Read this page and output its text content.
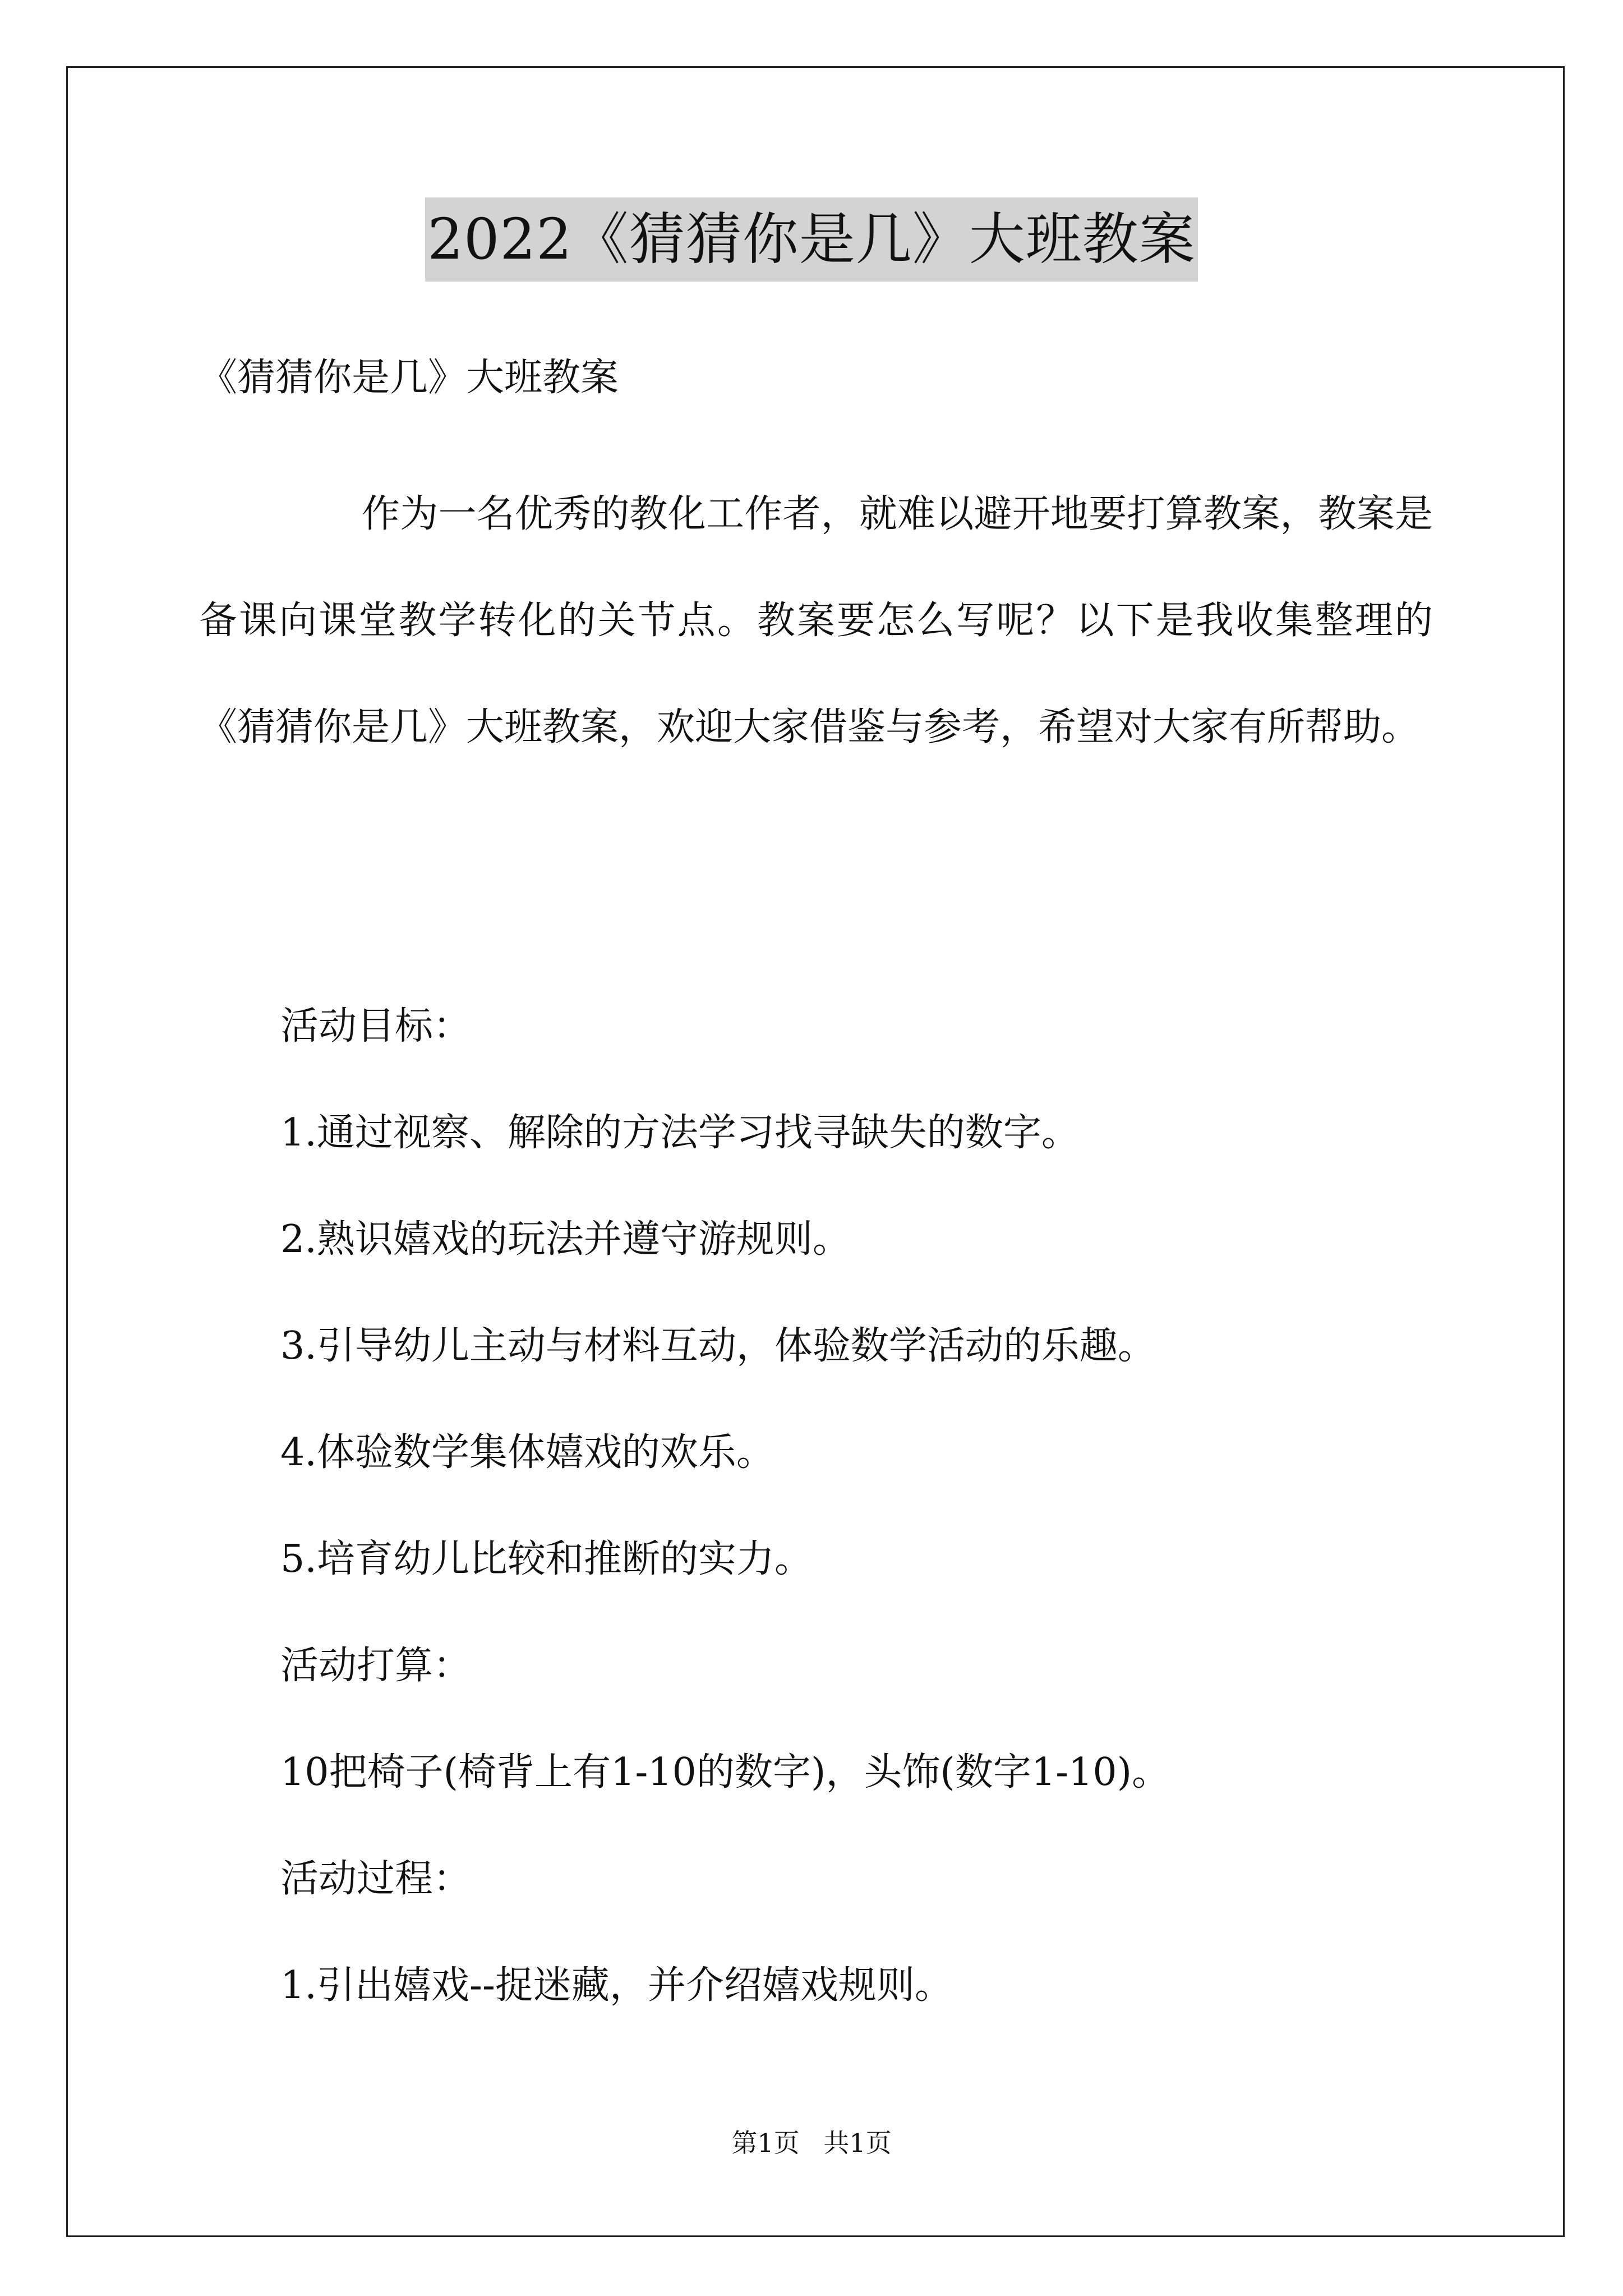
2022《猜猜你是几》大班教案
《猜猜你是几》大班教案

作为一名优秀的教化工作者，就难以避开地要打算教案，教案是备课向课堂教学转化的关节点。教案要怎么写呢？以下是我收集整理的《猜猜你是几》大班教案，欢迎大家借鉴与参考，希望对大家有所帮助。

活动目标：
1.通过视察、解除的方法学习找寻缺失的数字。
2.熟识嬉戏的玩法并遵守游规则。
3.引导幼儿主动与材料互动，体验数学活动的乐趣。
4.体验数学集体嬉戏的欢乐。
5.培育幼儿比较和推断的实力。
活动打算：
10把椅子(椅背上有1-10的数字)，头饰(数字1-10)。
活动过程：
1.引出嬉戏--捉迷藏，并介绍嬉戏规则。
第1页 共1页
